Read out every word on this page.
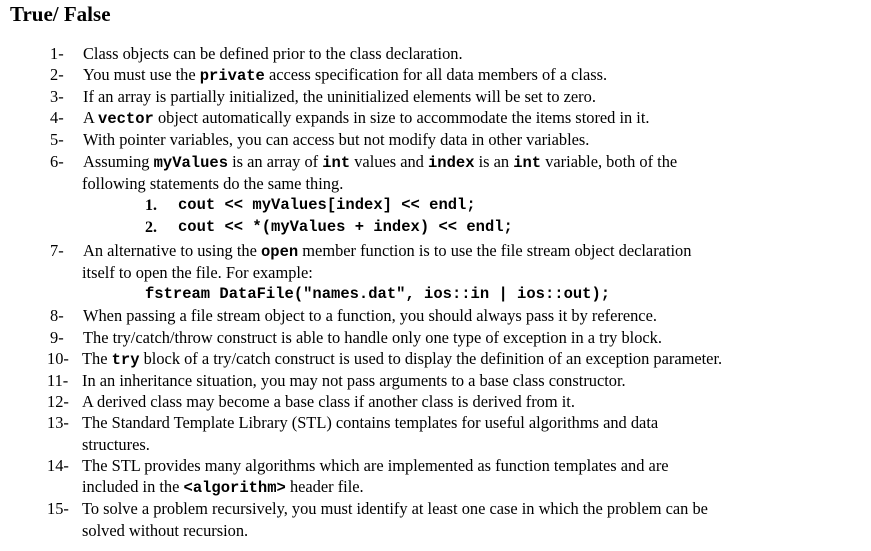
True/ False
1- Class objects can be defined prior to the class declaration.
2- You must use the private access specification for all data members of a class.
3- If an array is partially initialized, the uninitialized elements will be set to zero.
4- A vector object automatically expands in size to accommodate the items stored in it.
5- With pointer variables, you can access but not modify data in other variables.
6- Assuming myValues is an array of int values and index is an int variable, both of the
following statements do the same thing.
1. cout << myValues[index] << endl;
2. cout << *(myValues + index) << endl;
7- An alternative to using the open member function is to use the file stream object declaration
itself to open the file. For example:
fstream DataFile("names.dat", ios::in | ios::out);
8- When passing a file stream object to a function, you should always pass it by reference.
9- The try/catch/throw construct is able to handle only one type of exception in a try block.
10- The try block of a try/catch construct is used to display the definition of an exception parameter.
11- In an inheritance situation, you may not pass arguments to a base class constructor.
12- A derived class may become a base class if another class is derived from it.
13- The Standard Template Library (STL) contains templates for useful algorithms and data
structures.
14- The STL provides many algorithms which are implemented as function templates and are
included in the <algorithm> header file.
15- To solve a problem recursively, you must identify at least one case in which the problem can be
solved without recursion.
